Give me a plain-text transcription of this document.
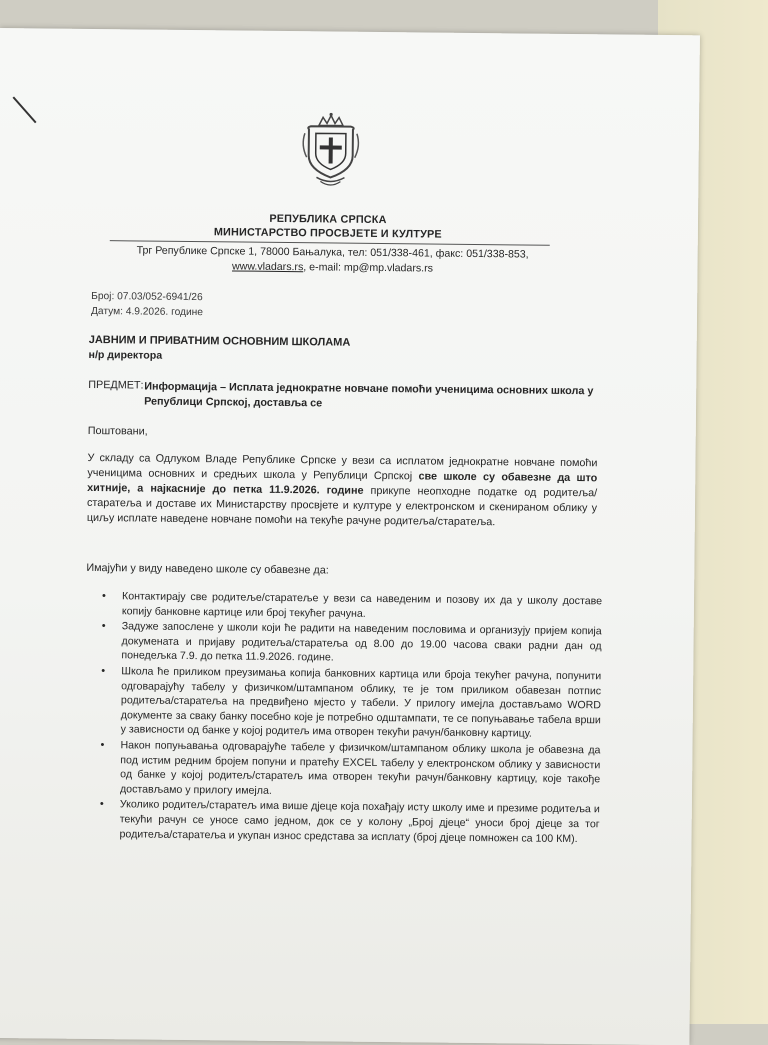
РЕПУБЛИКА СРПСКА
МИНИСТАРСТВО ПРОСВЈЕТЕ И КУЛТУРЕ
Трг Републике Српске 1, 78000 Бањалука, тел: 051/338-461, факс: 051/338-853,
www.vladars.rs, e-mail: mp@mp.vladars.rs
Број: 07.03/052-6941/26
Датум: 4.9.2026. године
ЈАВНИМ И ПРИВАТНИМ ОСНОВНИМ ШКОЛАМА
н/р директора
ПРЕДМЕТ: Информација – Исплата једнократне новчане помоћи ученицима основних школа у Републици Српској, доставља се
Поштовани,
У складу са Одлуком Владе Републике Српске у вези са исплатом једнократне новчане помоћи ученицима основних и средњих школа у Републици Српској све школе су обавезне да што хитније, а најкасније до петка 11.9.2026. године прикупе неопходне податке од родитеља/старатеља и доставе их Министарству просвјете и културе у електронском и скенираном облику у циљу исплате наведене новчане помоћи на текуће рачуне родитеља/старатеља.
Имајући у виду наведено школе су обавезне да:
• Контактирају све родитеље/старатеље у вези са наведеним и позову их да у школу доставе копију банковне картице или број текућег рачуна.
• Задуже запослене у школи који ће радити на наведеним пословима и организују пријем копија докумената и пријаву родитеља/старатеља од 8.00 до 19.00 часова сваки радни дан од понедељка 7.9. до петка 11.9.2026. године.
• Школа ће приликом преузимања копија банковних картица или броја текућег рачуна, попунити одговарајућу табелу у физичком/штампаном облику, те је том приликом обавезан потпис родитеља/старатеља на предвиђено мјесто у табели. У прилогу имејла достављамо WORD документе за сваку банку посебно које је потребно одштампати, те се попуњавање табела врши у зависности од банке у којој родитељ има отворен текући рачун/банковну картицу.
• Након попуњавања одговарајуће табеле у физичком/штампаном облику школа је обавезна да под истим редним бројем попуни и пратећу EXCEL табелу у електронском облику у зависности од банке у којој родитељ/старатељ има отворен текући рачун/банковну картицу, које такође достављамо у прилогу имејла.
• Уколико родитељ/старатељ има више дјеце која похађају исту школу име и презиме родитеља и текући рачун се уносе само једном, док се у колону „Број дјеце“ уноси број дјеце за тог родитеља/старатеља и укупан износ средстава за исплату (број дјеце помножен са 100 КМ).
